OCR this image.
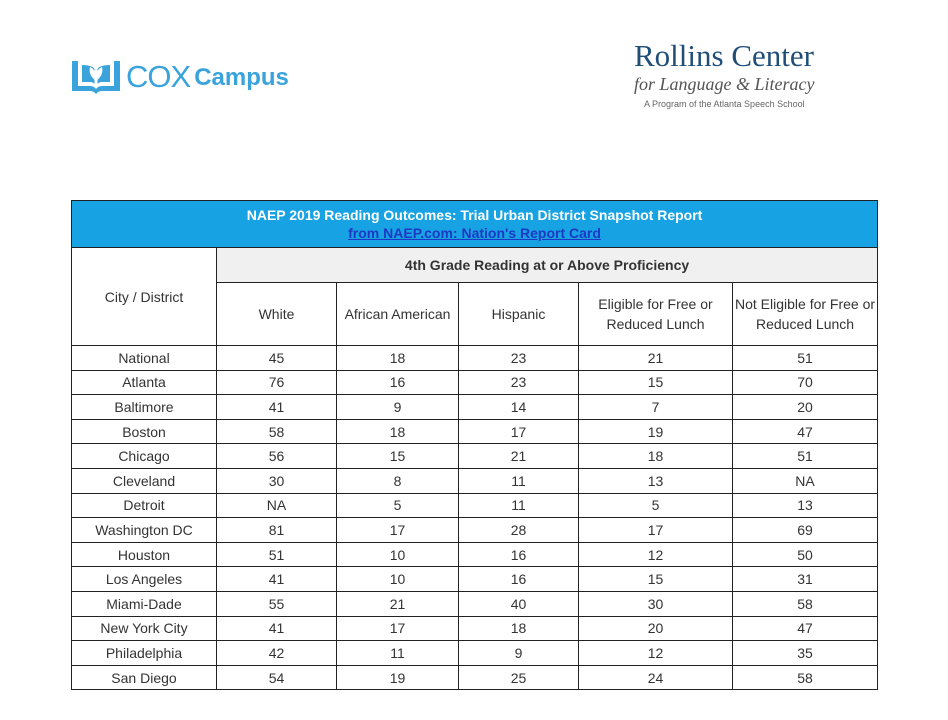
COX Campus
Rollins Center
for Language & Literacy
A Program of the Atlanta Speech School
NAEP 2019 Reading Outcomes: Trial Urban District Snapshot Report
from NAEP.com: Nation's Report Card					

City / District	4th Grade Reading at or Above Proficiency				
	White	African American	Hispanic	Eligible for Free or Reduced Lunch	Not Eligible for Free or Reduced Lunch
National	45	18	23	21	51
Atlanta	76	16	23	15	70
Baltimore	41	9	14	7	20
Boston	58	18	17	19	47
Chicago	56	15	21	18	51
Cleveland	30	8	11	13	NA
Detroit	NA	5	11	5	13
Washington DC	81	17	28	17	69
Houston	51	10	16	12	50
Los Angeles	41	10	16	15	31
Miami-Dade	55	21	40	30	58
New York City	41	17	18	20	47
Philadelphia	42	11	9	12	35
San Diego	54	19	25	24	58
